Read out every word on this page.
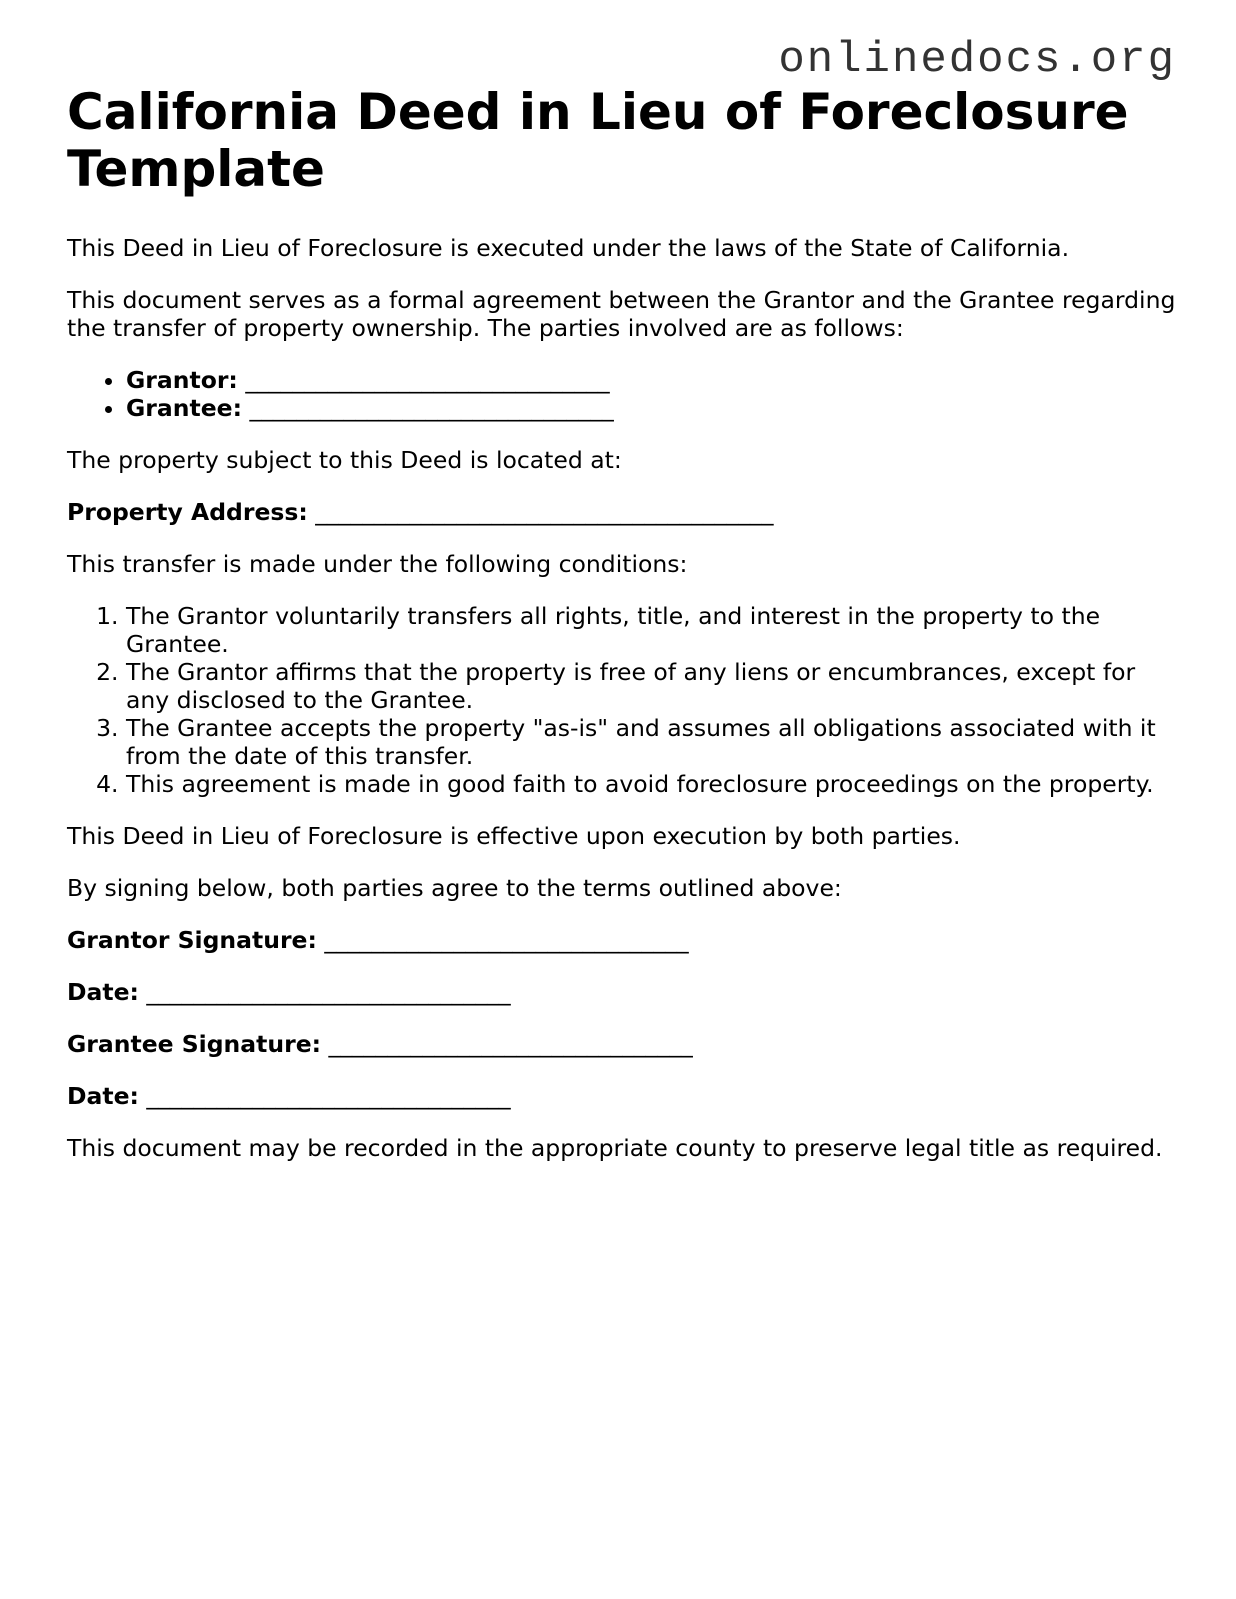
onlinedocs.org
California Deed in Lieu of Foreclosure Template

This Deed in Lieu of Foreclosure is executed under the laws of the State of California.

This document serves as a formal agreement between the Grantor and the Grantee regarding the transfer of property ownership. The parties involved are as follows:

• Grantor: _______________________________
• Grantee: _______________________________

The property subject to this Deed is located at:

Property Address: _______________________________________

This transfer is made under the following conditions:

1. The Grantor voluntarily transfers all rights, title, and interest in the property to the Grantee.
2. The Grantor affirms that the property is free of any liens or encumbrances, except for any disclosed to the Grantee.
3. The Grantee accepts the property "as-is" and assumes all obligations associated with it from the date of this transfer.
4. This agreement is made in good faith to avoid foreclosure proceedings on the property.

This Deed in Lieu of Foreclosure is effective upon execution by both parties.

By signing below, both parties agree to the terms outlined above:

Grantor Signature: _______________________________

Date: _______________________________

Grantee Signature: _______________________________

Date: _______________________________

This document may be recorded in the appropriate county to preserve legal title as required.
